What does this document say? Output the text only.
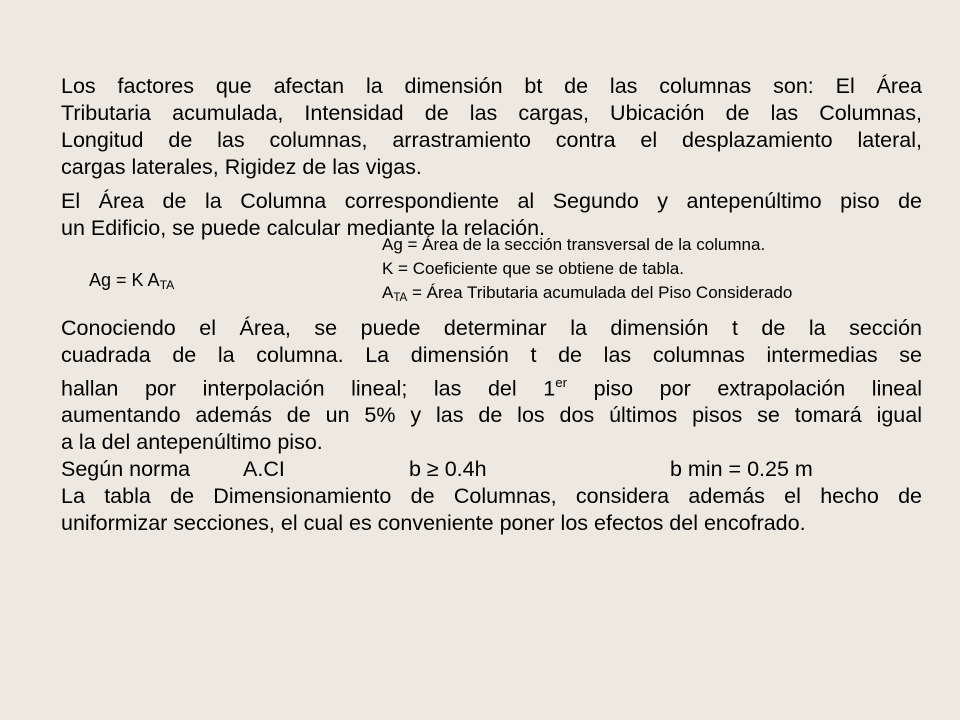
Los factores que afectan la dimensión bt de las columnas son: El Área
Tributaria acumulada, Intensidad de las cargas, Ubicación de las Columnas,
Longitud de las columnas, arrastramiento contra el desplazamiento lateral,
cargas laterales, Rigidez de las vigas.
El Área de la Columna correspondiente al Segundo y antepenúltimo piso de
un Edificio, se puede calcular mediante la relación.
Ag = K $A_{TA}$
Ag = Área de la sección transversal de la columna.
K = Coeficiente que se obtiene de tabla.
$A_{TA}$ = Área Tributaria acumulada del Piso Considerado
Conociendo el Área, se puede determinar la dimensión t de la sección
cuadrada de la columna. La dimensión t de las columnas intermedias se
hallan por interpolación lineal; las del 1er piso por extrapolación lineal
aumentando además de un 5% y las de los dos últimos pisos se tomará igual
a la del antepenúltimo piso.
Según norma A.CI	b ≥ 0.4h	b min = 0.25 m
La tabla de Dimensionamiento de Columnas, considera además el hecho de
uniformizar secciones, el cual es conveniente poner los efectos del encofrado.
